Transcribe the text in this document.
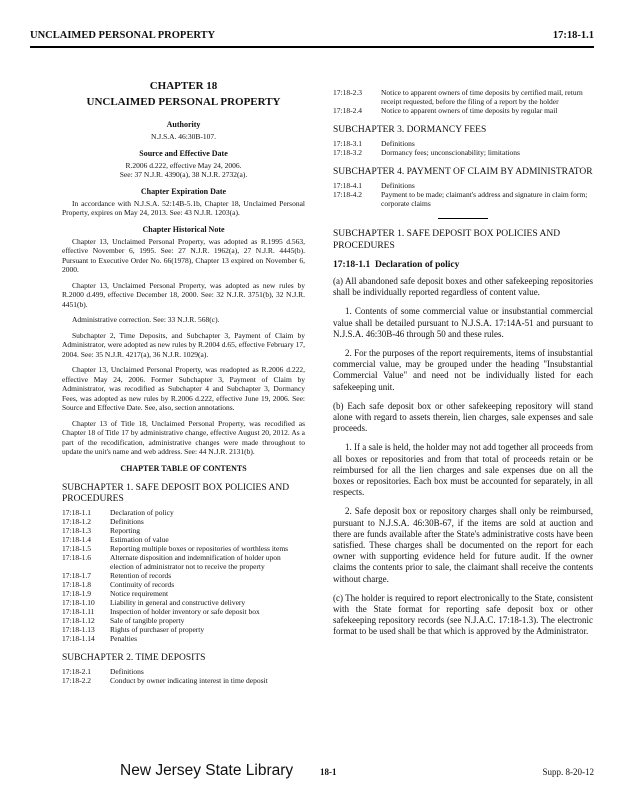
UNCLAIMED PERSONAL PROPERTY	17:18-1.1
CHAPTER 18
UNCLAIMED PERSONAL PROPERTY
Authority
N.J.S.A. 46:30B-107.
Source and Effective Date
R.2006 d.222, effective May 24, 2006.
See: 37 N.J.R. 4390(a), 38 N.J.R. 2732(a).
Chapter Expiration Date

In accordance with N.J.S.A. 52:14B-5.1b, Chapter 18, Unclaimed Personal Property, expires on May 24, 2013. See: 43 N.J.R. 1203(a).

Chapter Historical Note

Chapter 13, Unclaimed Personal Property, was adopted as R.1995 d.563, effective November 6, 1995. See: 27 N.J.R. 1962(a), 27 N.J.R. 4445(b). Pursuant to Executive Order No. 66(1978), Chapter 13 expired on November 6, 2000.

Chapter 13, Unclaimed Personal Property, was adopted as new rules by R.2000 d.499, effective December 18, 2000. See: 32 N.J.R. 3751(b), 32 N.J.R. 4451(b).

Administrative correction. See: 33 N.J.R. 568(c).

Subchapter 2, Time Deposits, and Subchapter 3, Payment of Claim by Administrator, were adopted as new rules by R.2004 d.65, effective February 17, 2004. See: 35 N.J.R. 4217(a), 36 N.J.R. 1029(a).

Chapter 13, Unclaimed Personal Property, was readopted as R.2006 d.222, effective May 24, 2006. Former Subchapter 3, Payment of Claim by Administrator, was recodified as Subchapter 4 and Subchapter 3, Dormancy Fees, was adopted as new rules by R.2006 d.222, effective June 19, 2006. See: Source and Effective Date. See, also, section annotations.

Chapter 13 of Title 18, Unclaimed Personal Property, was recodified as Chapter 18 of Title 17 by administrative change, effective August 20, 2012. As a part of the recodification, administrative changes were made throughout to update the unit's name and web address. See: 44 N.J.R. 2131(b).

CHAPTER TABLE OF CONTENTS
SUBCHAPTER 1. SAFE DEPOSIT BOX POLICIES AND PROCEDURES
17:18-1.1	Declaration of policy
17:18-1.2	Definitions
17:18-1.3	Reporting
17:18-1.4	Estimation of value
17:18-1.5	Reporting multiple boxes or repositories of worthless items
17:18-1.6	Alternate disposition and indemnification of holder upon election of administrator not to receive the property
17:18-1.7	Retention of records
17:18-1.8	Continuity of records
17:18-1.9	Notice requirement
17:18-1.10	Liability in general and constructive delivery
17:18-1.11	Inspection of holder inventory or safe deposit box
17:18-1.12	Sale of tangible property
17:18-1.13	Rights of purchaser of property
17:18-1.14	Penalties
SUBCHAPTER 2. TIME DEPOSITS
17:18-2.1	Definitions
17:18-2.2	Conduct by owner indicating interest in time deposit
17:18-2.3	Notice to apparent owners of time deposits by certified mail, return receipt requested, before the filing of a report by the holder
17:18-2.4	Notice to apparent owners of time deposits by regular mail
SUBCHAPTER 3. DORMANCY FEES
17:18-3.1	Definitions
17:18-3.2	Dormancy fees; unconscionability; limitations
SUBCHAPTER 4. PAYMENT OF CLAIM BY ADMINISTRATOR
17:18-4.1	Definitions
17:18-4.2	Payment to be made; claimant's address and signature in claim form; corporate claims
SUBCHAPTER 1. SAFE DEPOSIT BOX POLICIES AND PROCEDURES
17:18-1.1 Declaration of policy

(a) All abandoned safe deposit boxes and other safekeeping repositories shall be individually reported regardless of content value.

1. Contents of some commercial value or insubstantial commercial value shall be detailed pursuant to N.J.S.A. 17:14A-51 and pursuant to N.J.S.A. 46:30B-46 through 50 and these rules.

2. For the purposes of the report requirements, items of insubstantial commercial value, may be grouped under the heading "Insubstantial Commercial Value" and need not be individually listed for each safekeeping unit.

(b) Each safe deposit box or other safekeeping repository will stand alone with regard to assets therein, lien charges, sale expenses and sale proceeds.

1. If a sale is held, the holder may not add together all proceeds from all boxes or repositories and from that total of proceeds retain or be reimbursed for all the lien charges and sale expenses due on all the boxes or repositories. Each box must be accounted for separately, in all respects.

2. Safe deposit box or repository charges shall only be reimbursed, pursuant to N.J.S.A. 46:30B-67, if the items are sold at auction and there are funds available after the State's administrative costs have been satisfied. These charges shall be documented on the report for each owner with supporting evidence held for future audit. If the owner claims the contents prior to sale, the claimant shall receive the contents without charge.

(c) The holder is required to report electronically to the State, consistent with the State format for reporting safe deposit box or other safekeeping repository records (see N.J.A.C. 17:18-1.3). The electronic format to be used shall be that which is approved by the Administrator.

New Jersey State Library	18-1	Supp. 8-20-12
